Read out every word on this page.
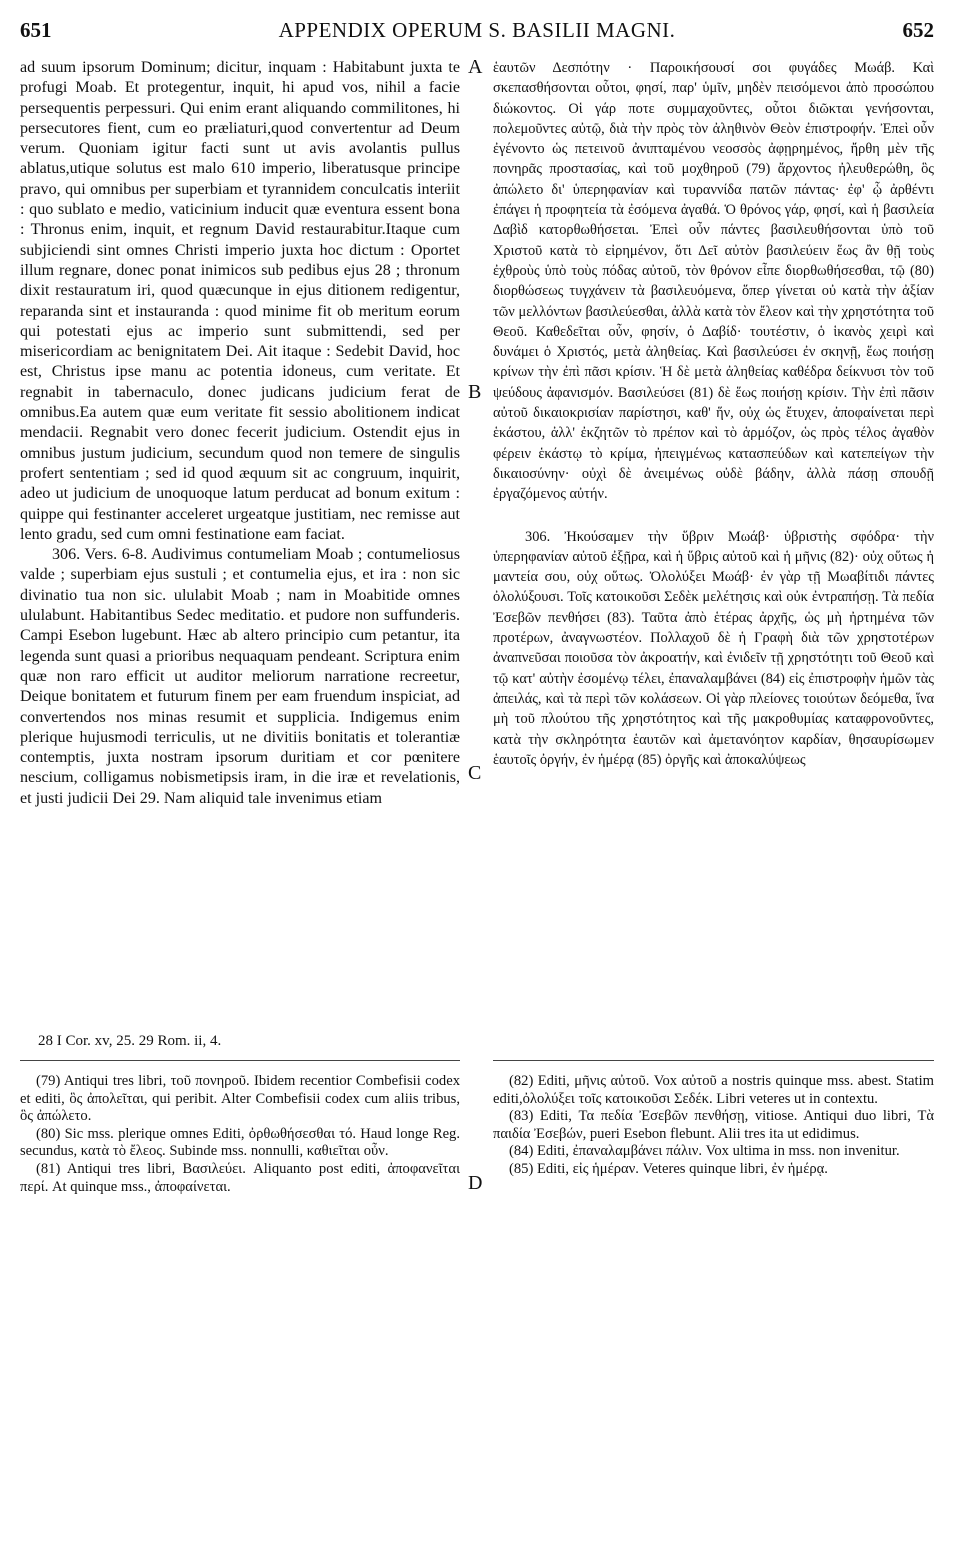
651	APPENDIX OPERUM S. BASILII MAGNI.	652
A
B
C
D

ad suum ipsorum Dominum; dicitur, inquam : Habitabunt juxta te profugi Moab. Et protegentur, inquit, hi apud vos, nihil a facie persequentis perpessuri. Qui enim erant aliquando commilitones, hi persecutores fient, cum eo præliaturi,quod convertentur ad Deum verum. Quoniam igitur facti sunt ut avis avolantis pullus ablatus,utique solutus est malo 610 imperio, liberatusque principe pravo, qui omnibus per superbiam et tyrannidem conculcatis interiit : quo sublato e medio, vaticinium inducit quæ eventura essent bona : Thronus enim, inquit, et regnum David restaurabitur.Itaque cum subjiciendi sint omnes Christi imperio juxta hoc dictum : Oportet illum regnare, donec ponat inimicos sub pedibus ejus 28 ; thronum dixit restauratum iri, quod quæcunque in ejus ditionem redigentur, reparanda sint et instauranda : quod minime fit ob meritum eorum qui potestati ejus ac imperio sunt submittendi, sed per misericordiam ac benignitatem Dei. Ait itaque : Sedebit David, hoc est, Christus ipse manu ac potentia idoneus, cum veritate. Et regnabit in tabernaculo, donec judicans judicium ferat de omnibus.Ea autem quæ eum veritate fit sessio abolitionem indicat mendacii. Regnabit vero donec fecerit judicium. Ostendit ejus in omnibus justum judicium, secundum quod non temere de singulis profert sententiam ; sed id quod æquum sit ac congruum, inquirit, adeo ut judicium de unoquoque latum perducat ad bonum exitum : quippe qui festinanter acceleret urgeatque justitiam, nec remisse aut lento gradu, sed cum omni festinatione eam faciat.

306. Vers. 6-8. Audivimus contumeliam Moab ; contumeliosus valde ; superbiam ejus sustuli ; et contumelia ejus, et ira : non sic divinatio tua non sic. ululabit Moab ; nam in Moabitide omnes ululabunt. Habitantibus Sedec meditatio. et pudore non suffunderis. Campi Esebon lugebunt. Hæc ab altero principio cum petantur, ita legenda sunt quasi a prioribus nequaquam pendeant. Scriptura enim quæ non raro efficit ut auditor meliorum narratione recreetur, Deique bonitatem et futurum finem per eam fruendum inspiciat, ad convertendos nos minas resumit et supplicia. Indigemus enim plerique hujusmodi terriculis, ut ne divitiis bonitatis et tolerantiæ contemptis, juxta nostram ipsorum duritiam et cor pœnitere nescium, colligamus nobismetipsis iram, in die iræ et revelationis, et justi judicii Dei 29. Nam aliquid tale invenimus etiam

ἑαυτῶν Δεσπότην · Παροικήσουσί σοι φυγάδες Μωάβ. Καὶ σκεπασθήσονται οὗτοι, φησί, παρ' ὑμῖν, μηδὲν πεισόμενοι ἀπὸ προσώπου διώκοντος. Οἱ γάρ ποτε συμμαχοῦντες, οὗτοι διῶκται γενήσονται, πολεμοῦντες αὐτῷ, διὰ τὴν πρὸς τὸν ἀληθινὸν Θεὸν ἐπιστροφήν. Ἐπεὶ οὖν ἐγένοντο ὡς πετεινοῦ ἀνιπταμένου νεοσσὸς ἀφῃρημένος, ἤρθη μὲν τῆς πονηρᾶς προστασίας, καὶ τοῦ μοχθηροῦ (79) ἄρχοντος ἠλευθερώθη, ὃς ἀπώλετο δι' ὑπερηφανίαν καὶ τυραννίδα πατῶν πάντας· ἐφ' ᾧ ἀρθέντι ἐπάγει ἡ προφητεία τὰ ἐσόμενα ἀγαθά. Ὁ θρόνος γάρ, φησί, καὶ ἡ βασιλεία Δαβὶδ κατορθωθήσεται. Ἐπεὶ οὖν πάντες βασιλευθήσονται ὑπὸ τοῦ Χριστοῦ κατὰ τὸ εἰρημένον, ὅτι Δεῖ αὐτὸν βασιλεύειν ἕως ἂν θῇ τοὺς ἐχθροὺς ὑπὸ τοὺς πόδας αὐτοῦ, τὸν θρόνον εἶπε διορθωθήσεσθαι, τῷ (80) διορθώσεως τυγχάνειν τὰ βασιλευόμενα, ὅπερ γίνεται οὐ κατὰ τὴν ἀξίαν τῶν μελλόντων βασιλεύεσθαι, ἀλλὰ κατὰ τὸν ἔλεον καὶ τὴν χρηστότητα τοῦ Θεοῦ. Καθεδεῖται οὖν, φησίν, ὁ Δαβίδ· τουτέστιν, ὁ ἱκανὸς χειρὶ καὶ δυνάμει ὁ Χριστός, μετὰ ἀληθείας. Καὶ βασιλεύσει ἐν σκηνῇ, ἕως ποιήσῃ κρίνων τὴν ἐπὶ πᾶσι κρίσιν. Ἡ δὲ μετὰ ἀληθείας καθέδρα δείκνυσι τὸν τοῦ ψεύδους ἀφανισμόν. Βασιλεύσει (81) δὲ ἕως ποιήσῃ κρίσιν. Τὴν ἐπὶ πᾶσιν αὐτοῦ δικαιοκρισίαν παρίστησι, καθ' ἥν, οὐχ ὡς ἔτυχεν, ἀποφαίνεται περὶ ἑκάστου, ἀλλ' ἐκζητῶν τὸ πρέπον καὶ τὸ ἁρμόζον, ὡς πρὸς τέλος ἀγαθὸν φέρειν ἑκάστῳ τὸ κρίμα, ἠπειγμένως κατασπεύδων καὶ κατεπείγων τὴν δικαιοσύνην· οὐχὶ δὲ ἀνειμένως οὐδὲ βάδην, ἀλλὰ πάσῃ σπουδῇ ἐργαζόμενος αὐτήν.

306. Ἠκούσαμεν τὴν ὕβριν Μωάβ· ὑβριστὴς σφόδρα· τὴν ὑπερηφανίαν αὐτοῦ ἐξῇρα, καὶ ἡ ὕβρις αὐτοῦ καὶ ἡ μῆνις (82)· οὐχ οὕτως ἡ μαντεία σου, οὐχ οὕτως. Ὀλολύξει Μωάβ· ἐν γὰρ τῇ Μωαβίτιδι πάντες ὀλολύξουσι. Τοῖς κατοικοῦσι Σεδὲκ μελέτησις καὶ οὐκ ἐντραπήσῃ. Τὰ πεδία Ἐσεβῶν πενθήσει (83). Ταῦτα ἀπὸ ἑτέρας ἀρχῆς, ὡς μὴ ἠρτημένα τῶν προτέρων, ἀναγνωστέον. Πολλαχοῦ δὲ ἡ Γραφὴ διὰ τῶν χρηστοτέρων ἀναπνεῦσαι ποιοῦσα τὸν ἀκροατήν, καὶ ἐνιδεῖν τῇ χρηστότητι τοῦ Θεοῦ καὶ τῷ κατ' αὐτὴν ἐσομένῳ τέλει, ἐπαναλαμβάνει (84) εἰς ἐπιστροφὴν ἡμῶν τὰς ἀπειλάς, καὶ τὰ περὶ τῶν κολάσεων. Οἱ γὰρ πλείονες τοιούτων δεόμεθα, ἵνα μὴ τοῦ πλούτου τῆς χρηστότητος καὶ τῆς μακροθυμίας καταφρονοῦντες, κατὰ τὴν σκληρότητα ἑαυτῶν καὶ ἀμετανόητον καρδίαν, θησαυρίσωμεν ἑαυτοῖς ὀργήν, ἐν ἡμέρᾳ (85) ὀργῆς καὶ ἀποκαλύψεως

28 I Cor. xv, 25. 29 Rom. ii, 4.

(79) Antiqui tres libri, τοῦ πονηροῦ. Ibidem recentior Combefisii codex et editi, ὃς ἀπολεῖται, qui peribit. Alter Combefisii codex cum aliis tribus, ὃς ἀπώλετο.

(80) Sic mss. plerique omnes Editi, ὀρθωθήσεσθαι τό. Haud longe Reg. secundus, κατὰ τὸ ἔλεος. Subinde mss. nonnulli, καθιεῖται οὖν.

(81) Antiqui tres libri, Βασιλεύει. Aliquanto post editi, ἀποφανεῖται περί. At quinque mss., ἀποφαίνεται.

(82) Editi, μῆνις αὐτοῦ. Vox αὐτοῦ a nostris quinque mss. abest. Statim editi,ὀλολύξει τοῖς κατοικοῦσι Σεδέκ. Libri veteres ut in contextu.

(83) Editi, Τα πεδία Ἐσεβῶν πενθήσῃ, vitiose. Antiqui duo libri, Τὰ παιδία Ἐσεβών, pueri Esebon flebunt. Alii tres ita ut edidimus.

(84) Editi, ἐπαναλαμβάνει πάλιν. Vox ultima in mss. non invenitur.

(85) Editi, εἰς ἡμέραν. Veteres quinque libri, ἐν ἡμέρᾳ.
